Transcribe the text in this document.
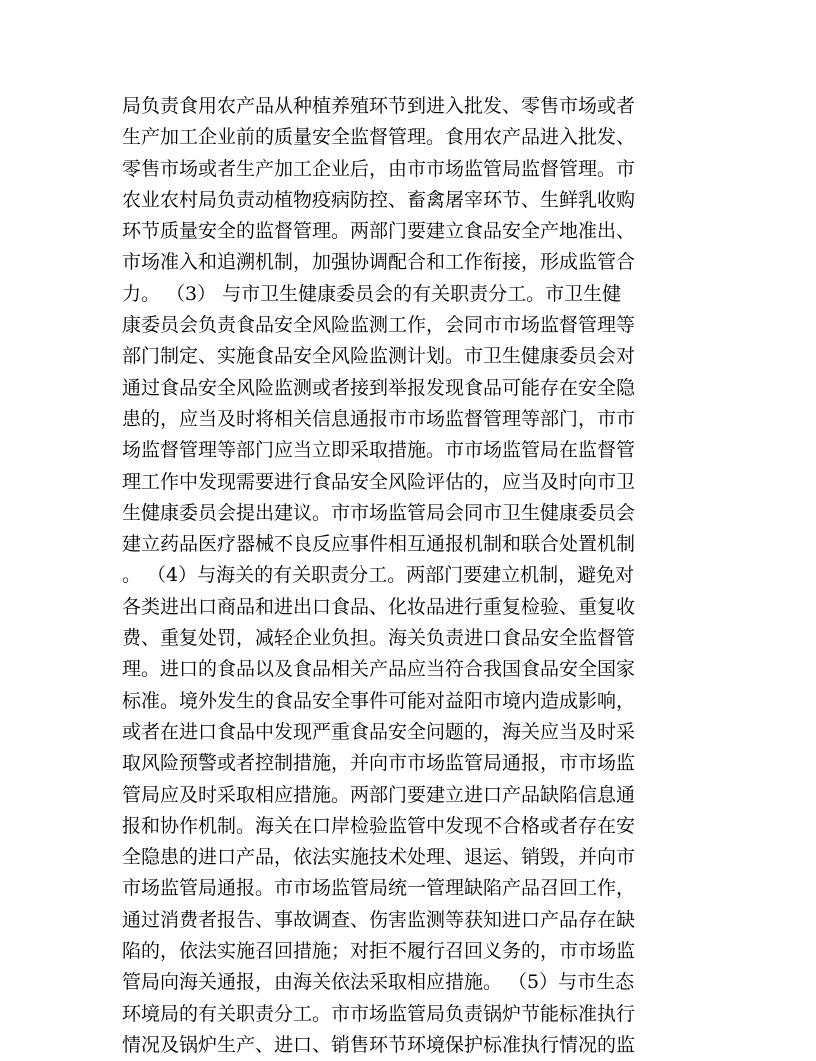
局负责食用农产品从种植养殖环节到进入批发、零售市场或者
生产加工企业前的质量安全监督管理。食用农产品进入批发、
零售市场或者生产加工企业后，由市市场监管局监督管理。市
农业农村局负责动植物疫病防控、畜禽屠宰环节、生鲜乳收购
环节质量安全的监督管理。两部门要建立食品安全产地准出、
市场准入和追溯机制，加强协调配合和工作衔接，形成监管合
力。 （3） 与市卫生健康委员会的有关职责分工。市卫生健
康委员会负责食品安全风险监测工作，会同市市场监督管理等
部门制定、实施食品安全风险监测计划。市卫生健康委员会对
通过食品安全风险监测或者接到举报发现食品可能存在安全隐
患的，应当及时将相关信息通报市市场监督管理等部门，市市
场监督管理等部门应当立即采取措施。市市场监管局在监督管
理工作中发现需要进行食品安全风险评估的，应当及时向市卫
生健康委员会提出建议。市市场监管局会同市卫生健康委员会
建立药品医疗器械不良反应事件相互通报机制和联合处置机制
。 （4）与海关的有关职责分工。两部门要建立机制，避免对
各类进出口商品和进出口食品、化妆品进行重复检验、重复收
费、重复处罚，减轻企业负担。海关负责进口食品安全监督管
理。进口的食品以及食品相关产品应当符合我国食品安全国家
标准。境外发生的食品安全事件可能对益阳市境内造成影响，
或者在进口食品中发现严重食品安全问题的，海关应当及时采
取风险预警或者控制措施，并向市市场监管局通报，市市场监
管局应及时采取相应措施。两部门要建立进口产品缺陷信息通
报和协作机制。海关在口岸检验监管中发现不合格或者存在安
全隐患的进口产品，依法实施技术处理、退运、销毁，并向市
市场监管局通报。市市场监管局统一管理缺陷产品召回工作，
通过消费者报告、事故调查、伤害监测等获知进口产品存在缺
陷的，依法实施召回措施；对拒不履行召回义务的，市市场监
管局向海关通报，由海关依法采取相应措施。 （5）与市生态
环境局的有关职责分工。市市场监管局负责锅炉节能标准执行
情况及锅炉生产、进口、销售环节环境保护标准执行情况的监
